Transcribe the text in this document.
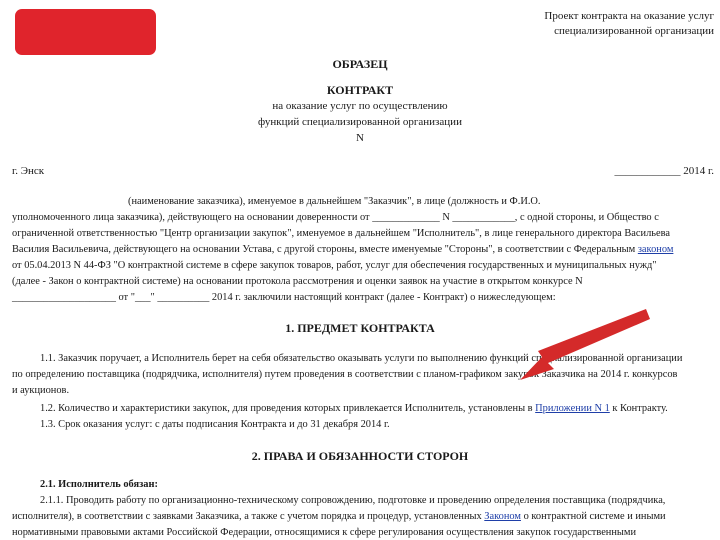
Проект контракта на оказание услуг
специализированной организации
ОБРАЗЕЦ
КОНТРАКТ
на оказание услуг по осуществлению
функций специализированной организации
N
г. Энск	____________ 2014 г.
(наименование заказчика), именуемое в дальнейшем "Заказчик", в лице (должность и Ф.И.О.
уполномоченного лица заказчика), действующего на основании доверенности от _____________ N ____________, с одной стороны, и Общество с
ограниченной ответственностью "Центр организации закупок", именуемое в дальнейшем "Исполнитель", в лице генерального директора Васильева
Василия Васильевича, действующего на основании Устава, с другой стороны, вместе именуемые "Стороны", в соответствии с Федеральным законом
от 05.04.2013 N 44-ФЗ "О контрактной системе в сфере закупок товаров, работ, услуг для обеспечения государственных и муниципальных нужд"
(далее - Закон о контрактной системе) на основании протокола рассмотрения и оценки заявок на участие в открытом конкурсе N
____________________ от "___" __________ 2014 г. заключили настоящий контракт (далее - Контракт) о нижеследующем:
1. ПРЕДМЕТ КОНТРАКТА
1.1. Заказчик поручает, а Исполнитель берет на себя обязательство оказывать услуги по выполнению функций специализированной организации
по определению поставщика (подрядчика, исполнителя) путем проведения в соответствии с планом-графиком закупок Заказчика на 2014 г. конкурсов
и аукционов.
1.2. Количество и характеристики закупок, для проведения которых привлекается Исполнитель, установлены в Приложении N 1 к Контракту.
1.3. Срок оказания услуг: с даты подписания Контракта и до 31 декабря 2014 г.
2. ПРАВА И ОБЯЗАННОСТИ СТОРОН
2.1. Исполнитель обязан:
2.1.1. Проводить работу по организационно-техническому сопровождению, подготовке и проведению определения поставщика (подрядчика,
исполнителя), в соответствии с заявками Заказчика, а также с учетом порядка и процедур, установленных Законом о контрактной системе и иными
нормативными правовыми актами Российской Федерации, относящимися к сфере регулирования осуществления закупок государственными
